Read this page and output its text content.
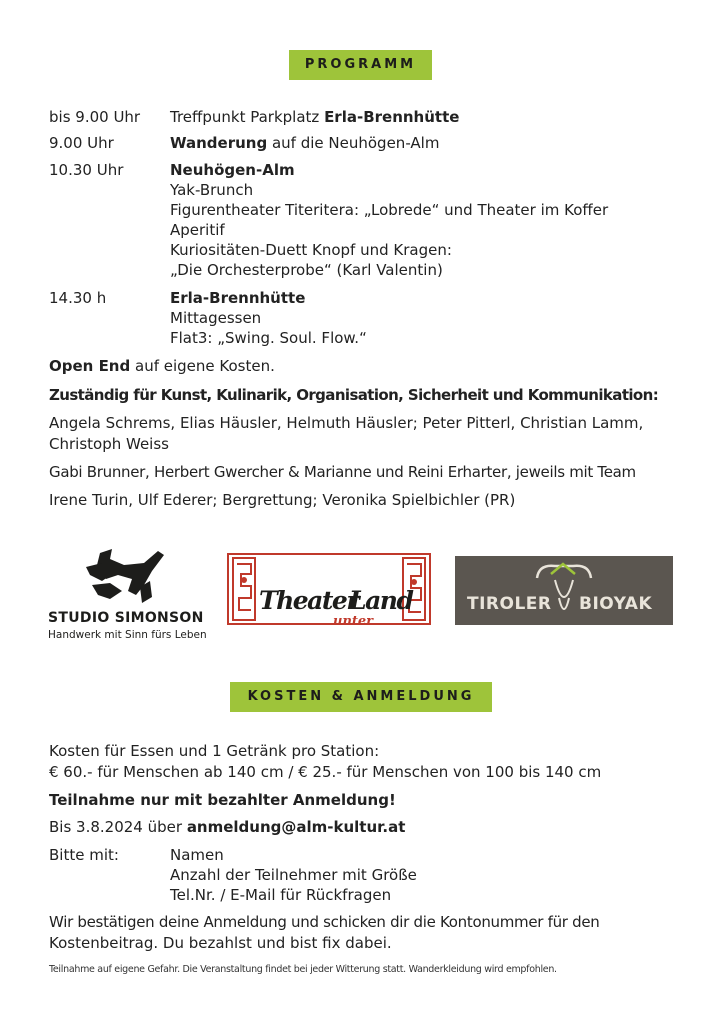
PROGRAMM
bis 9.00 Uhr Treffpunkt Parkplatz Erla-Brennhütte
9.00 Uhr	Wanderung auf die Neuhögen-Alm
10.30 Uhr	Neuhögen-Alm
Yak-Brunch
Figurentheater Titeritera: „Lobrede“ und Theater im Koffer
Aperitif
Kuriositäten-Duett Knopf und Kragen:
„Die Orchesterprobe“ (Karl Valentin)
14.30 h	Erla-Brennhütte
Mittagessen
Flat3: „Swing. Soul. Flow.“
Open End auf eigene Kosten.
Zuständig für Kunst, Kulinarik, Organisation, Sicherheit und Kommunikation:
Angela Schrems, Elias Häusler, Helmuth Häusler; Peter Pitterl, Christian Lamm,
Christoph Weiss
Gabi Brunner, Herbert Gwercher & Marianne und Reini Erharter, jeweils mit Team
Irene Turin, Ulf Ederer; Bergrettung; Veronika Spielbichler (PR)
STUDIO SIMONSON
Handwerk mit Sinn fürs Leben
Theater
Land
unter
TIROLER BIOYAK
KOSTEN & ANMELDUNG
Kosten für Essen und 1 Getränk pro Station:
€ 60.- für Menschen ab 140 cm / € 25.- für Menschen von 100 bis 140 cm
Teilnahme nur mit bezahlter Anmeldung!
Bis 3.8.2024 über anmeldung@alm-kultur.at
Bitte mit:	Namen
Anzahl der Teilnehmer mit Größe
Tel.Nr. / E-Mail für Rückfragen
Wir bestätigen deine Anmeldung und schicken dir die Kontonummer für den
Kostenbeitrag. Du bezahlst und bist fix dabei.
Teilnahme auf eigene Gefahr. Die Veranstaltung findet bei jeder Witterung statt. Wanderkleidung wird empfohlen.
